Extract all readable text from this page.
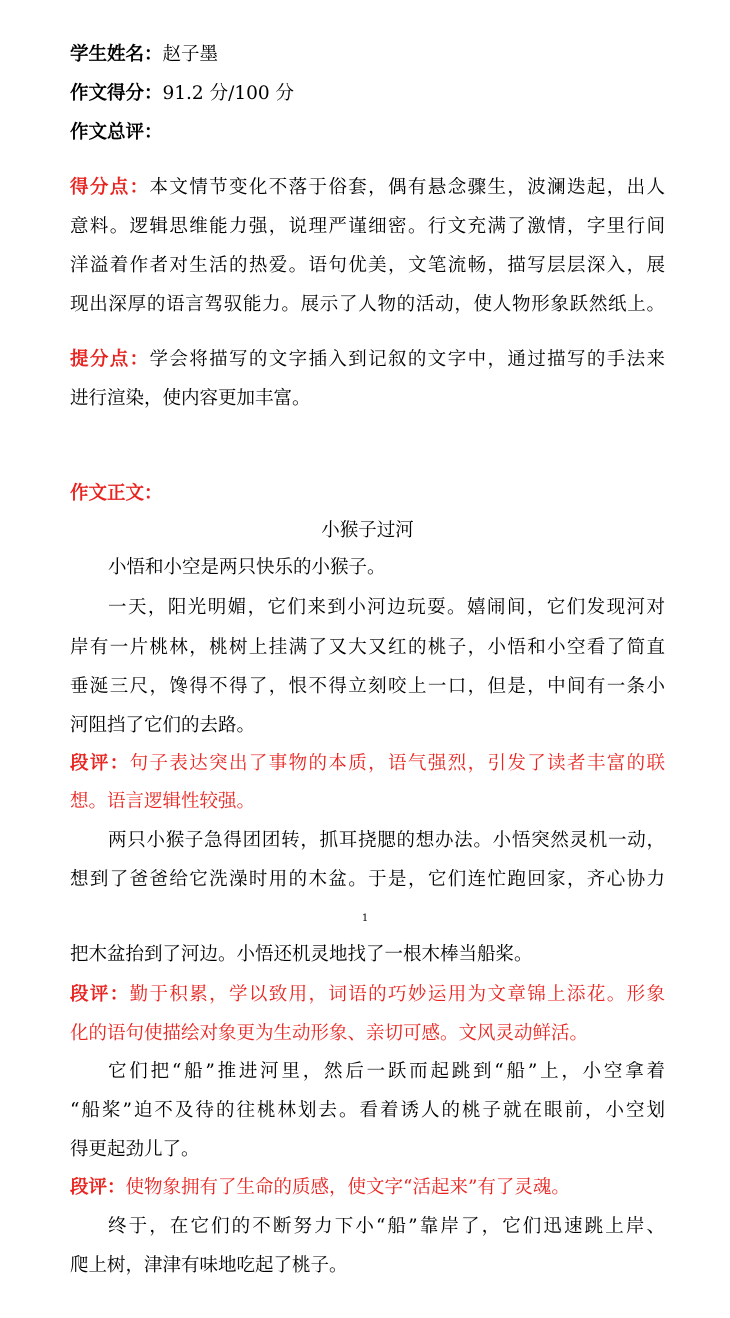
学生姓名：赵子墨
作文得分：91.2 分/100 分
作文总评：
得分点：本文情节变化不落于俗套，偶有悬念骤生，波澜迭起，出人
意料。逻辑思维能力强，说理严谨细密。行文充满了激情，字里行间
洋溢着作者对生活的热爱。语句优美，文笔流畅，描写层层深入，展
现出深厚的语言驾驭能力。展示了人物的活动，使人物形象跃然纸上。
提分点：学会将描写的文字插入到记叙的文字中，通过描写的手法来
进行渲染，使内容更加丰富。
作文正文：
小猴子过河
小悟和小空是两只快乐的小猴子。
一天，阳光明媚，它们来到小河边玩耍。嬉闹间，它们发现河对
岸有一片桃林，桃树上挂满了又大又红的桃子，小悟和小空看了简直
垂涎三尺，馋得不得了，恨不得立刻咬上一口，但是，中间有一条小
河阻挡了它们的去路。
段评：句子表达突出了事物的本质，语气强烈，引发了读者丰富的联
想。语言逻辑性较强。
两只小猴子急得团团转，抓耳挠腮的想办法。小悟突然灵机一动，
想到了爸爸给它洗澡时用的木盆。于是，它们连忙跑回家，齐心协力
1
把木盆抬到了河边。小悟还机灵地找了一根木棒当船桨。
段评：勤于积累，学以致用，词语的巧妙运用为文章锦上添花。形象
化的语句使描绘对象更为生动形象、亲切可感。文风灵动鲜活。
它们把“船”推进河里，然后一跃而起跳到“船”上，小空拿着
“船桨”迫不及待的往桃林划去。看着诱人的桃子就在眼前，小空划
得更起劲儿了。
段评：使物象拥有了生命的质感，使文字“活起来”有了灵魂。
终于，在它们的不断努力下小“船”靠岸了，它们迅速跳上岸、
爬上树，津津有味地吃起了桃子。
